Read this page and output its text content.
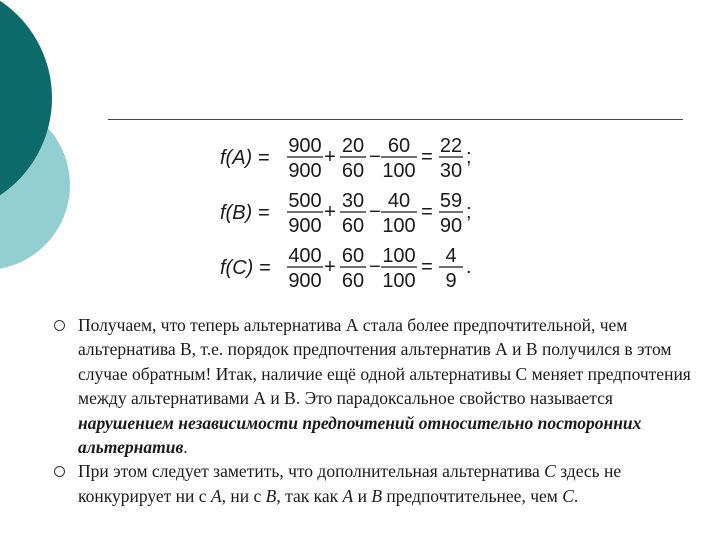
f(A) =
900
900
20
60
60
100
22
30
+ − = ;
f(B) =
500
900
30
60
40
100
59
90
+ − = ;
f(C) =
400
900
60
60
100
100
4
9
+ − = .
Получаем, что теперь альтернатива А стала более предпочтительной, чем альтернатива В, т.е. порядок предпочтения альтернатив А и В получился в этом случае обратным! Итак, наличие ещё одной альтернативы С меняет предпочтения между альтернативами А и В. Это парадоксальное свойство называется нарушением независимости предпочтений относительно посторонних альтернатив.
При этом следует заметить, что дополнительная альтернатива C здесь не конкурирует ни с A, ни с B, так как A и B предпочтительнее, чем C.
